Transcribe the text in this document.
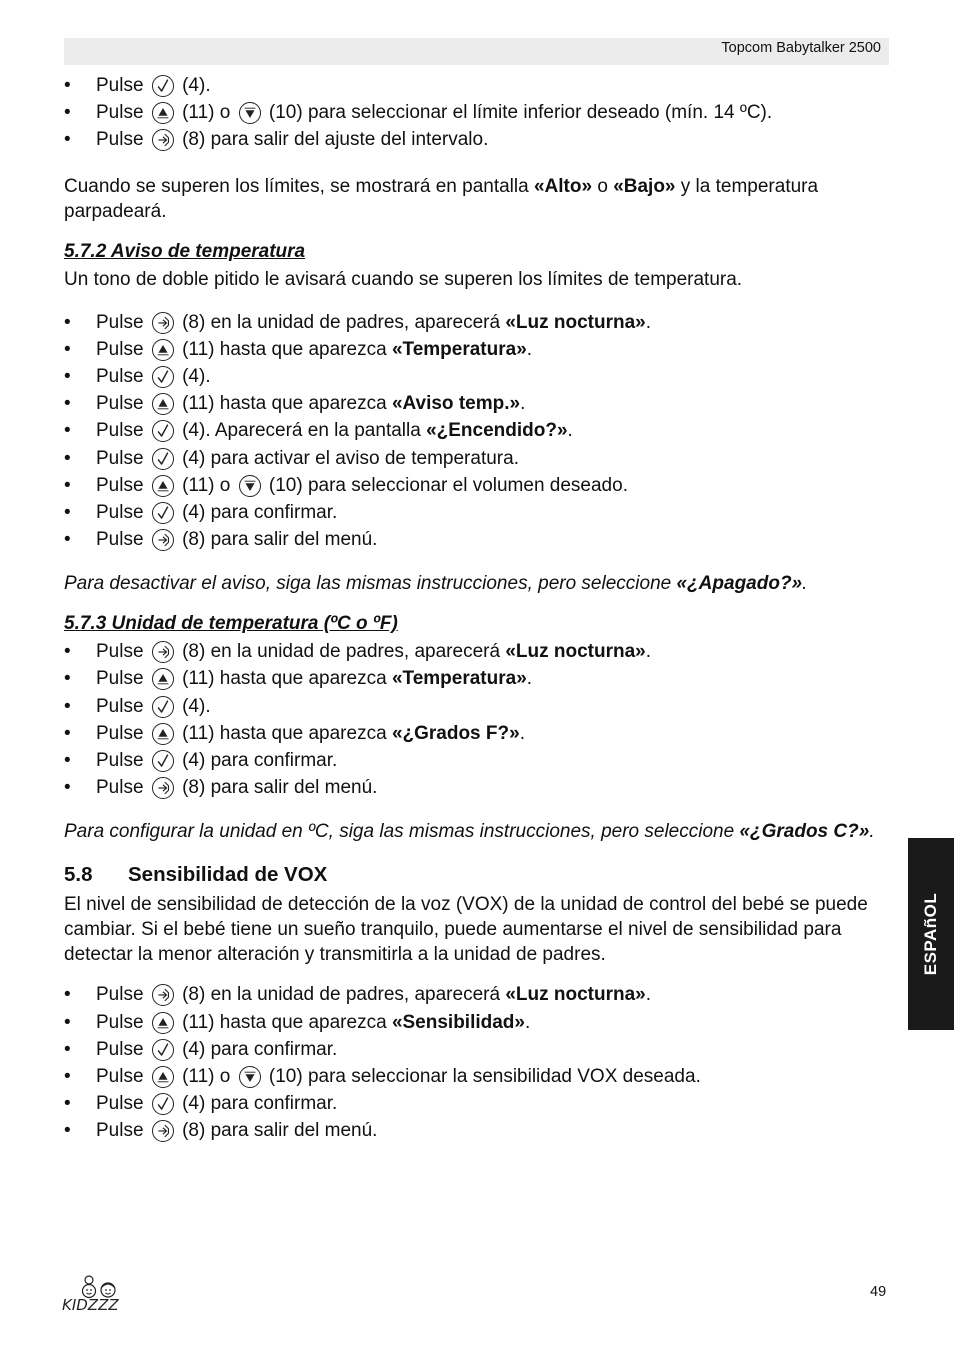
Topcom Babytalker 2500
• Pulse
(4).
• Pulse
(11) o
(10) para seleccionar el límite inferior deseado (mín. 14 ºC).
• Pulse
(8) para salir del ajuste del intervalo.

Cuando se superen los límites, se mostrará en pantalla «Alto» o «Bajo» y la temperatura parpadeará.

5.7.2 Aviso de temperatura

Un tono de doble pitido le avisará cuando se superen los límites de temperatura.

• Pulse
(8) en la unidad de padres, aparecerá «Luz nocturna».
• Pulse
(11) hasta que aparezca «Temperatura».
• Pulse
(4).
• Pulse
(11) hasta que aparezca «Aviso temp.».
• Pulse
(4). Aparecerá en la pantalla «¿Encendido?».
• Pulse
(4) para activar el aviso de temperatura.
• Pulse
(11) o
(10) para seleccionar el volumen deseado.
• Pulse
(4) para confirmar.
• Pulse
(8) para salir del menú.

Para desactivar el aviso, siga las mismas instrucciones, pero seleccione «¿Apagado?».

5.7.3 Unidad de temperatura (ºC o ºF)

• Pulse
(8) en la unidad de padres, aparecerá «Luz nocturna».
• Pulse
(11) hasta que aparezca «Temperatura».
• Pulse
(4).
• Pulse
(11) hasta que aparezca «¿Grados F?».
• Pulse
(4) para confirmar.
• Pulse
(8) para salir del menú.

Para configurar la unidad en ºC, siga las mismas instrucciones, pero seleccione «¿Grados C?».

5.8 Sensibilidad de VOX

El nivel de sensibilidad de detección de la voz (VOX) de la unidad de control del bebé se puede cambiar. Si el bebé tiene un sueño tranquilo, puede aumentarse el nivel de sensibilidad para detectar la menor alteración y transmitirla a la unidad de padres.

• Pulse
(8) en la unidad de padres, aparecerá «Luz nocturna».
• Pulse
(11) hasta que aparezca «Sensibilidad».
• Pulse
(4) para confirmar.
• Pulse
(11) o
(10) para seleccionar la sensibilidad VOX deseada.
• Pulse
(4) para confirmar.
• Pulse
(8) para salir del menú.
ESPAñOL
KIDZZZ
49
